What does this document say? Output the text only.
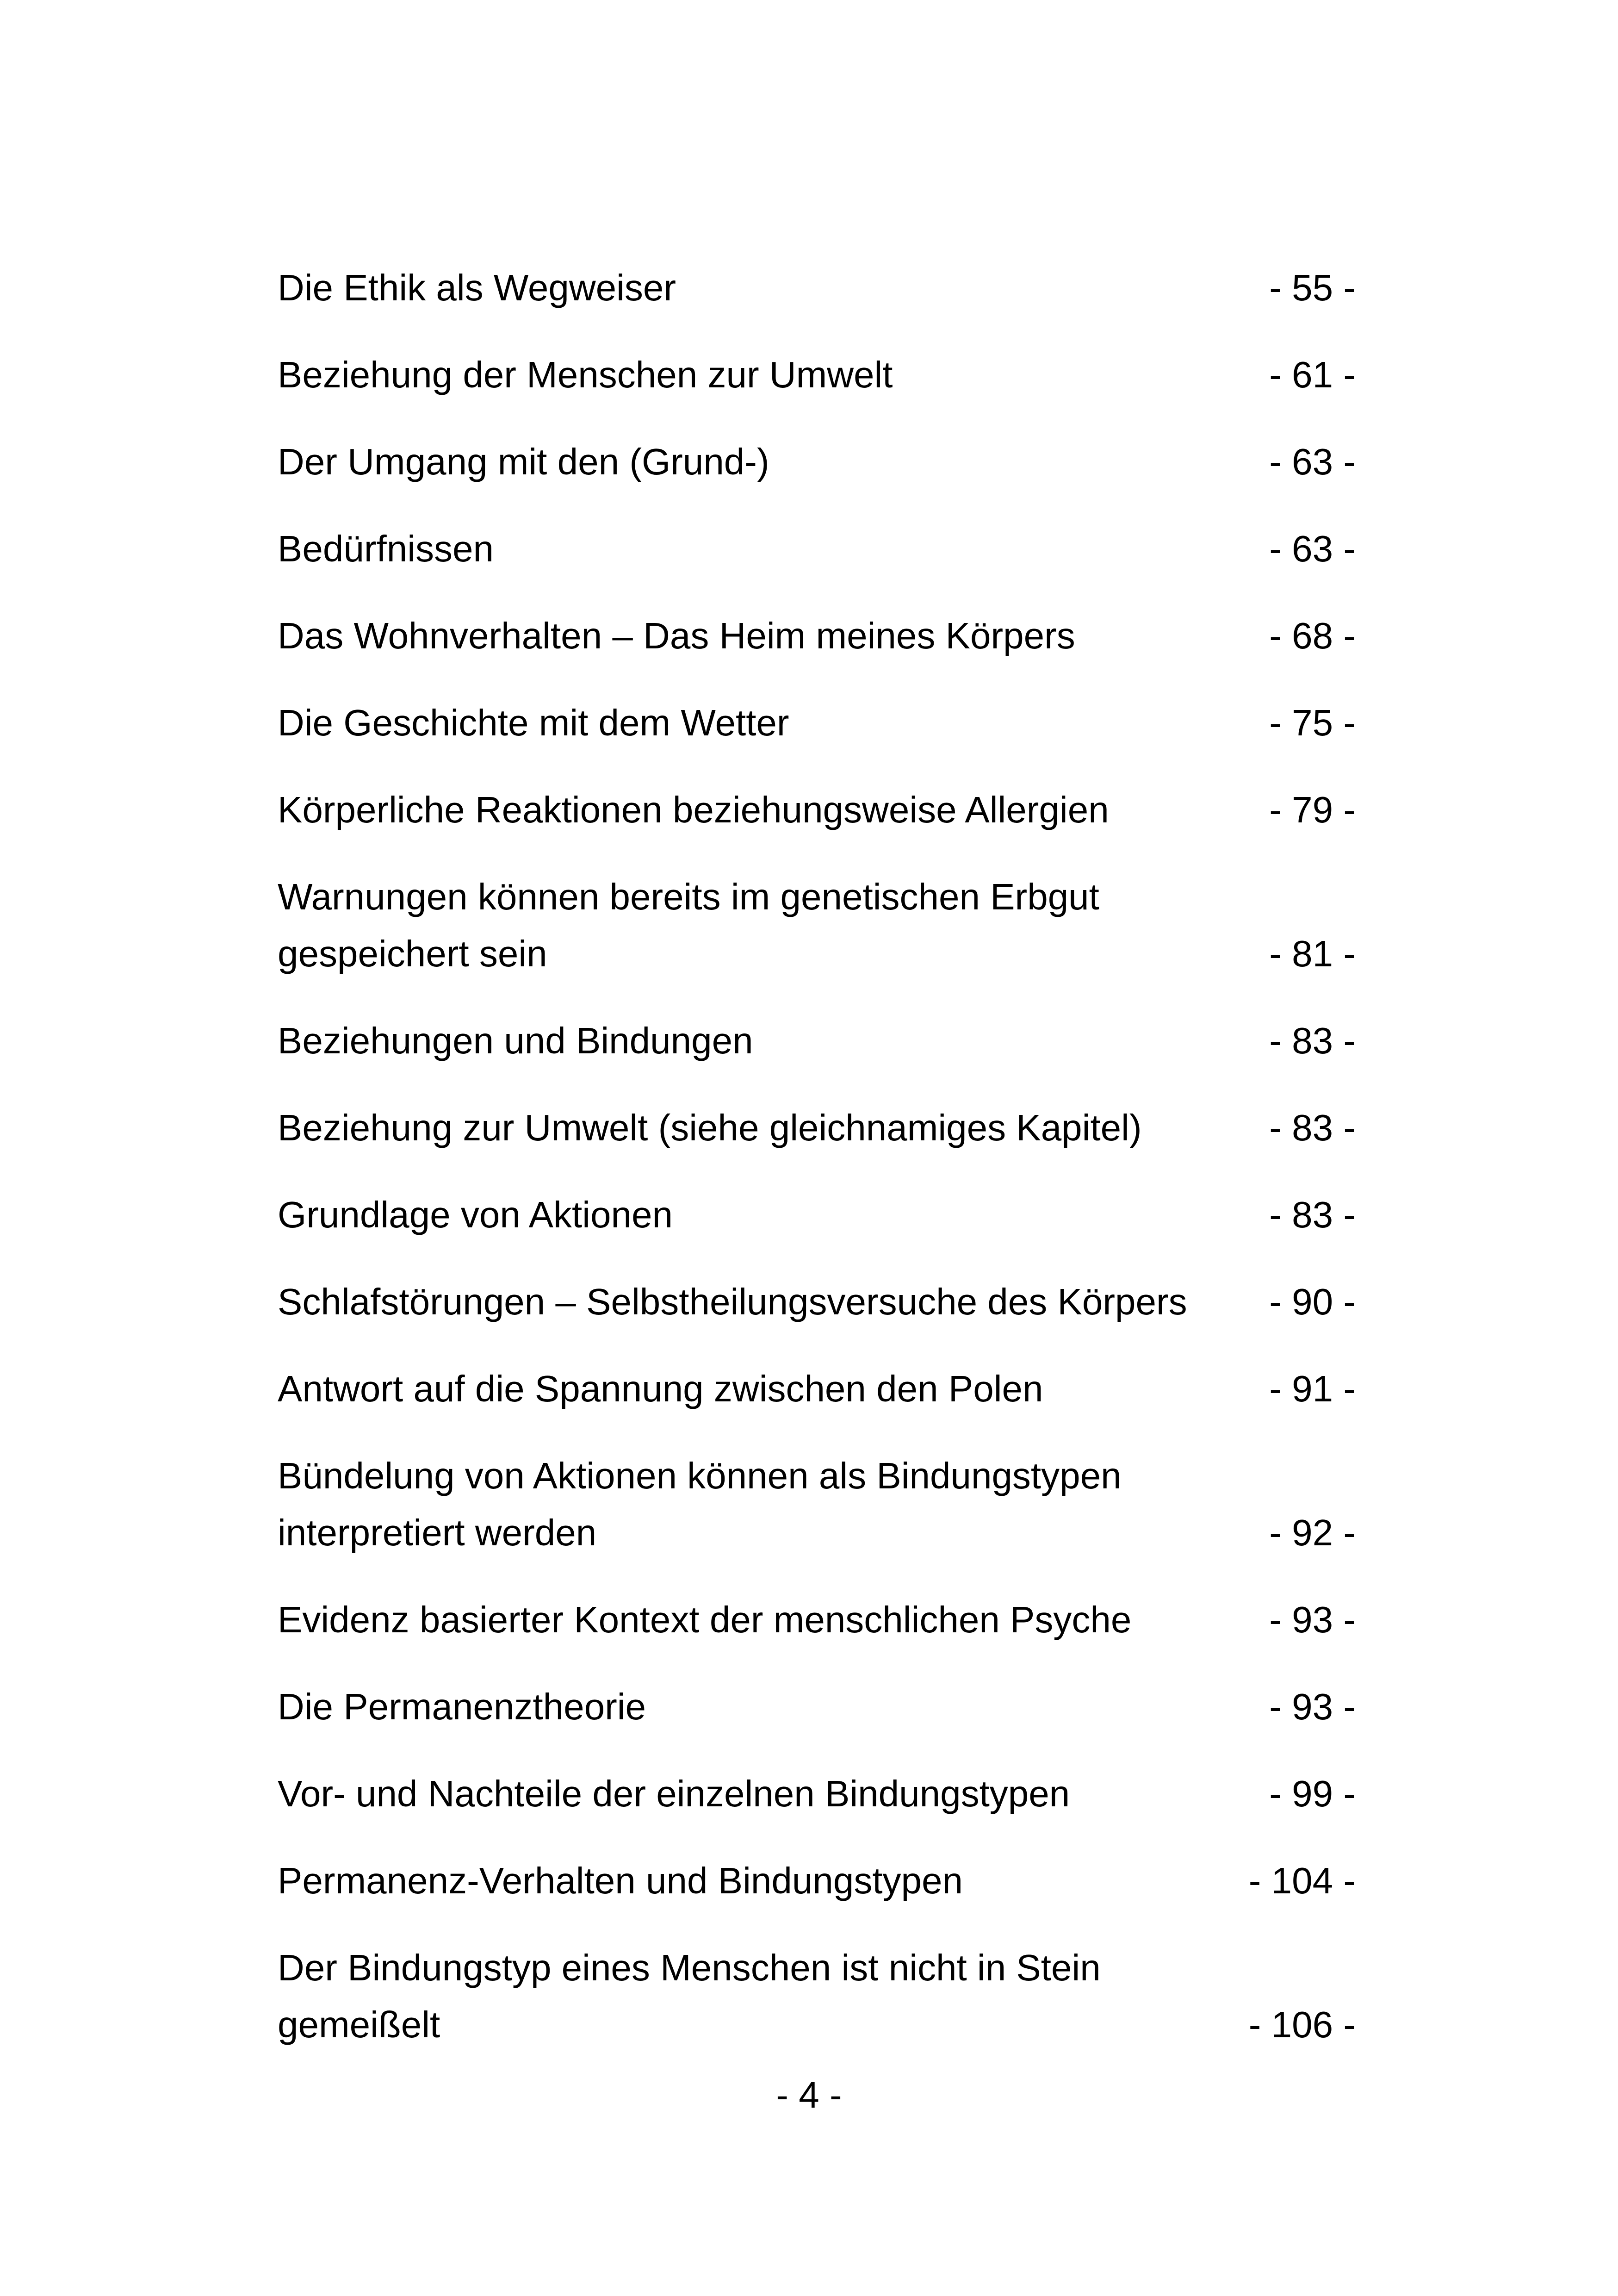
Die Ethik als Wegweiser	- 55 -
Beziehung der Menschen zur Umwelt	- 61 -
Der Umgang mit den (Grund-)	- 63 -
Bedürfnissen	- 63 -
Das Wohnverhalten – Das Heim meines Körpers	- 68 -
Die Geschichte mit dem Wetter	- 75 -
Körperliche Reaktionen beziehungsweise Allergien	- 79 -
Warnungen können bereits im genetischen Erbgut
gespeichert sein	- 81 -
Beziehungen und Bindungen	- 83 -
Beziehung zur Umwelt (siehe gleichnamiges Kapitel)	- 83 -
Grundlage von Aktionen	- 83 -
Schlafstörungen – Selbstheilungsversuche des Körpers	- 90 -
Antwort auf die Spannung zwischen den Polen	- 91 -
Bündelung von Aktionen können als Bindungstypen
interpretiert werden	- 92 -
Evidenz basierter Kontext der menschlichen Psyche	- 93 -
Die Permanenztheorie	- 93 -
Vor- und Nachteile der einzelnen Bindungstypen	- 99 -
Permanenz-Verhalten und Bindungstypen	- 104 -
Der Bindungstyp eines Menschen ist nicht in Stein
gemeißelt	- 106 -
- 4 -
